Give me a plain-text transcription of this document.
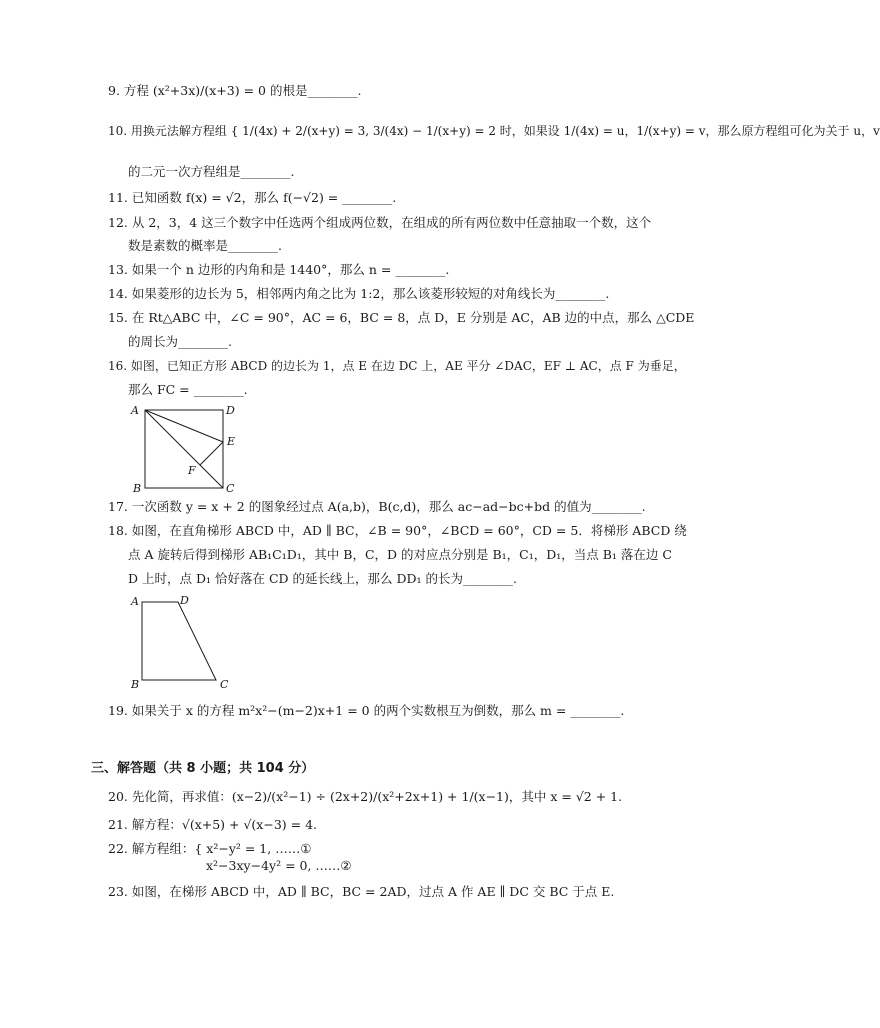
9. 方程 (x²+3x)/(x+3) = 0 的根是________.
10. 用换元法解方程组 { 1/(4x) + 2/(x+y) = 3, 3/(4x) − 1/(x+y) = 2 时，如果设 1/(4x) = u，1/(x+y) = v，那么原方程组可化为关于 u，v
的二元一次方程组是________.
11. 已知函数 f(x) = √2，那么 f(−√2) = ________.
12. 从 2，3，4 这三个数字中任选两个组成两位数，在组成的所有两位数中任意抽取一个数，这个
数是素数的概率是________.
13. 如果一个 n 边形的内角和是 1440°，那么 n = ________.
14. 如果菱形的边长为 5，相邻两内角之比为 1:2，那么该菱形较短的对角线长为________.
15. 在 Rt△ABC 中，∠C = 90°，AC = 6，BC = 8，点 D，E 分别是 AC，AB 边的中点，那么 △CDE
的周长为________.
16. 如图，已知正方形 ABCD 的边长为 1，点 E 在边 DC 上，AE 平分 ∠DAC，EF ⊥ AC，点 F 为垂足，
那么 FC = ________.
A	D
E
F
B	C
17. 一次函数 y = x + 2 的图象经过点 A(a,b)，B(c,d)，那么 ac−ad−bc+bd 的值为________.
18. 如图，在直角梯形 ABCD 中，AD ∥ BC，∠B = 90°，∠BCD = 60°，CD = 5．将梯形 ABCD 绕
点 A 旋转后得到梯形 AB₁C₁D₁，其中 B，C，D 的对应点分别是 B₁，C₁，D₁，当点 B₁ 落在边 C
D 上时，点 D₁ 恰好落在 CD 的延长线上，那么 DD₁ 的长为________.
A	D
B	C
19. 如果关于 x 的方程 m²x²−(m−2)x+1 = 0 的两个实数根互为倒数，那么 m = ________.
三、解答题（共 8 小题；共 104 分）
20. 先化简，再求值：(x−2)/(x²−1) ÷ (2x+2)/(x²+2x+1) + 1/(x−1)，其中 x = √2 + 1.
21. 解方程：√(x+5) + √(x−3) = 4.
22. 解方程组：{ x²−y² = 1, ……①
x²−3xy−4y² = 0, ……②
23. 如图，在梯形 ABCD 中，AD ∥ BC，BC = 2AD，过点 A 作 AE ∥ DC 交 BC 于点 E.
